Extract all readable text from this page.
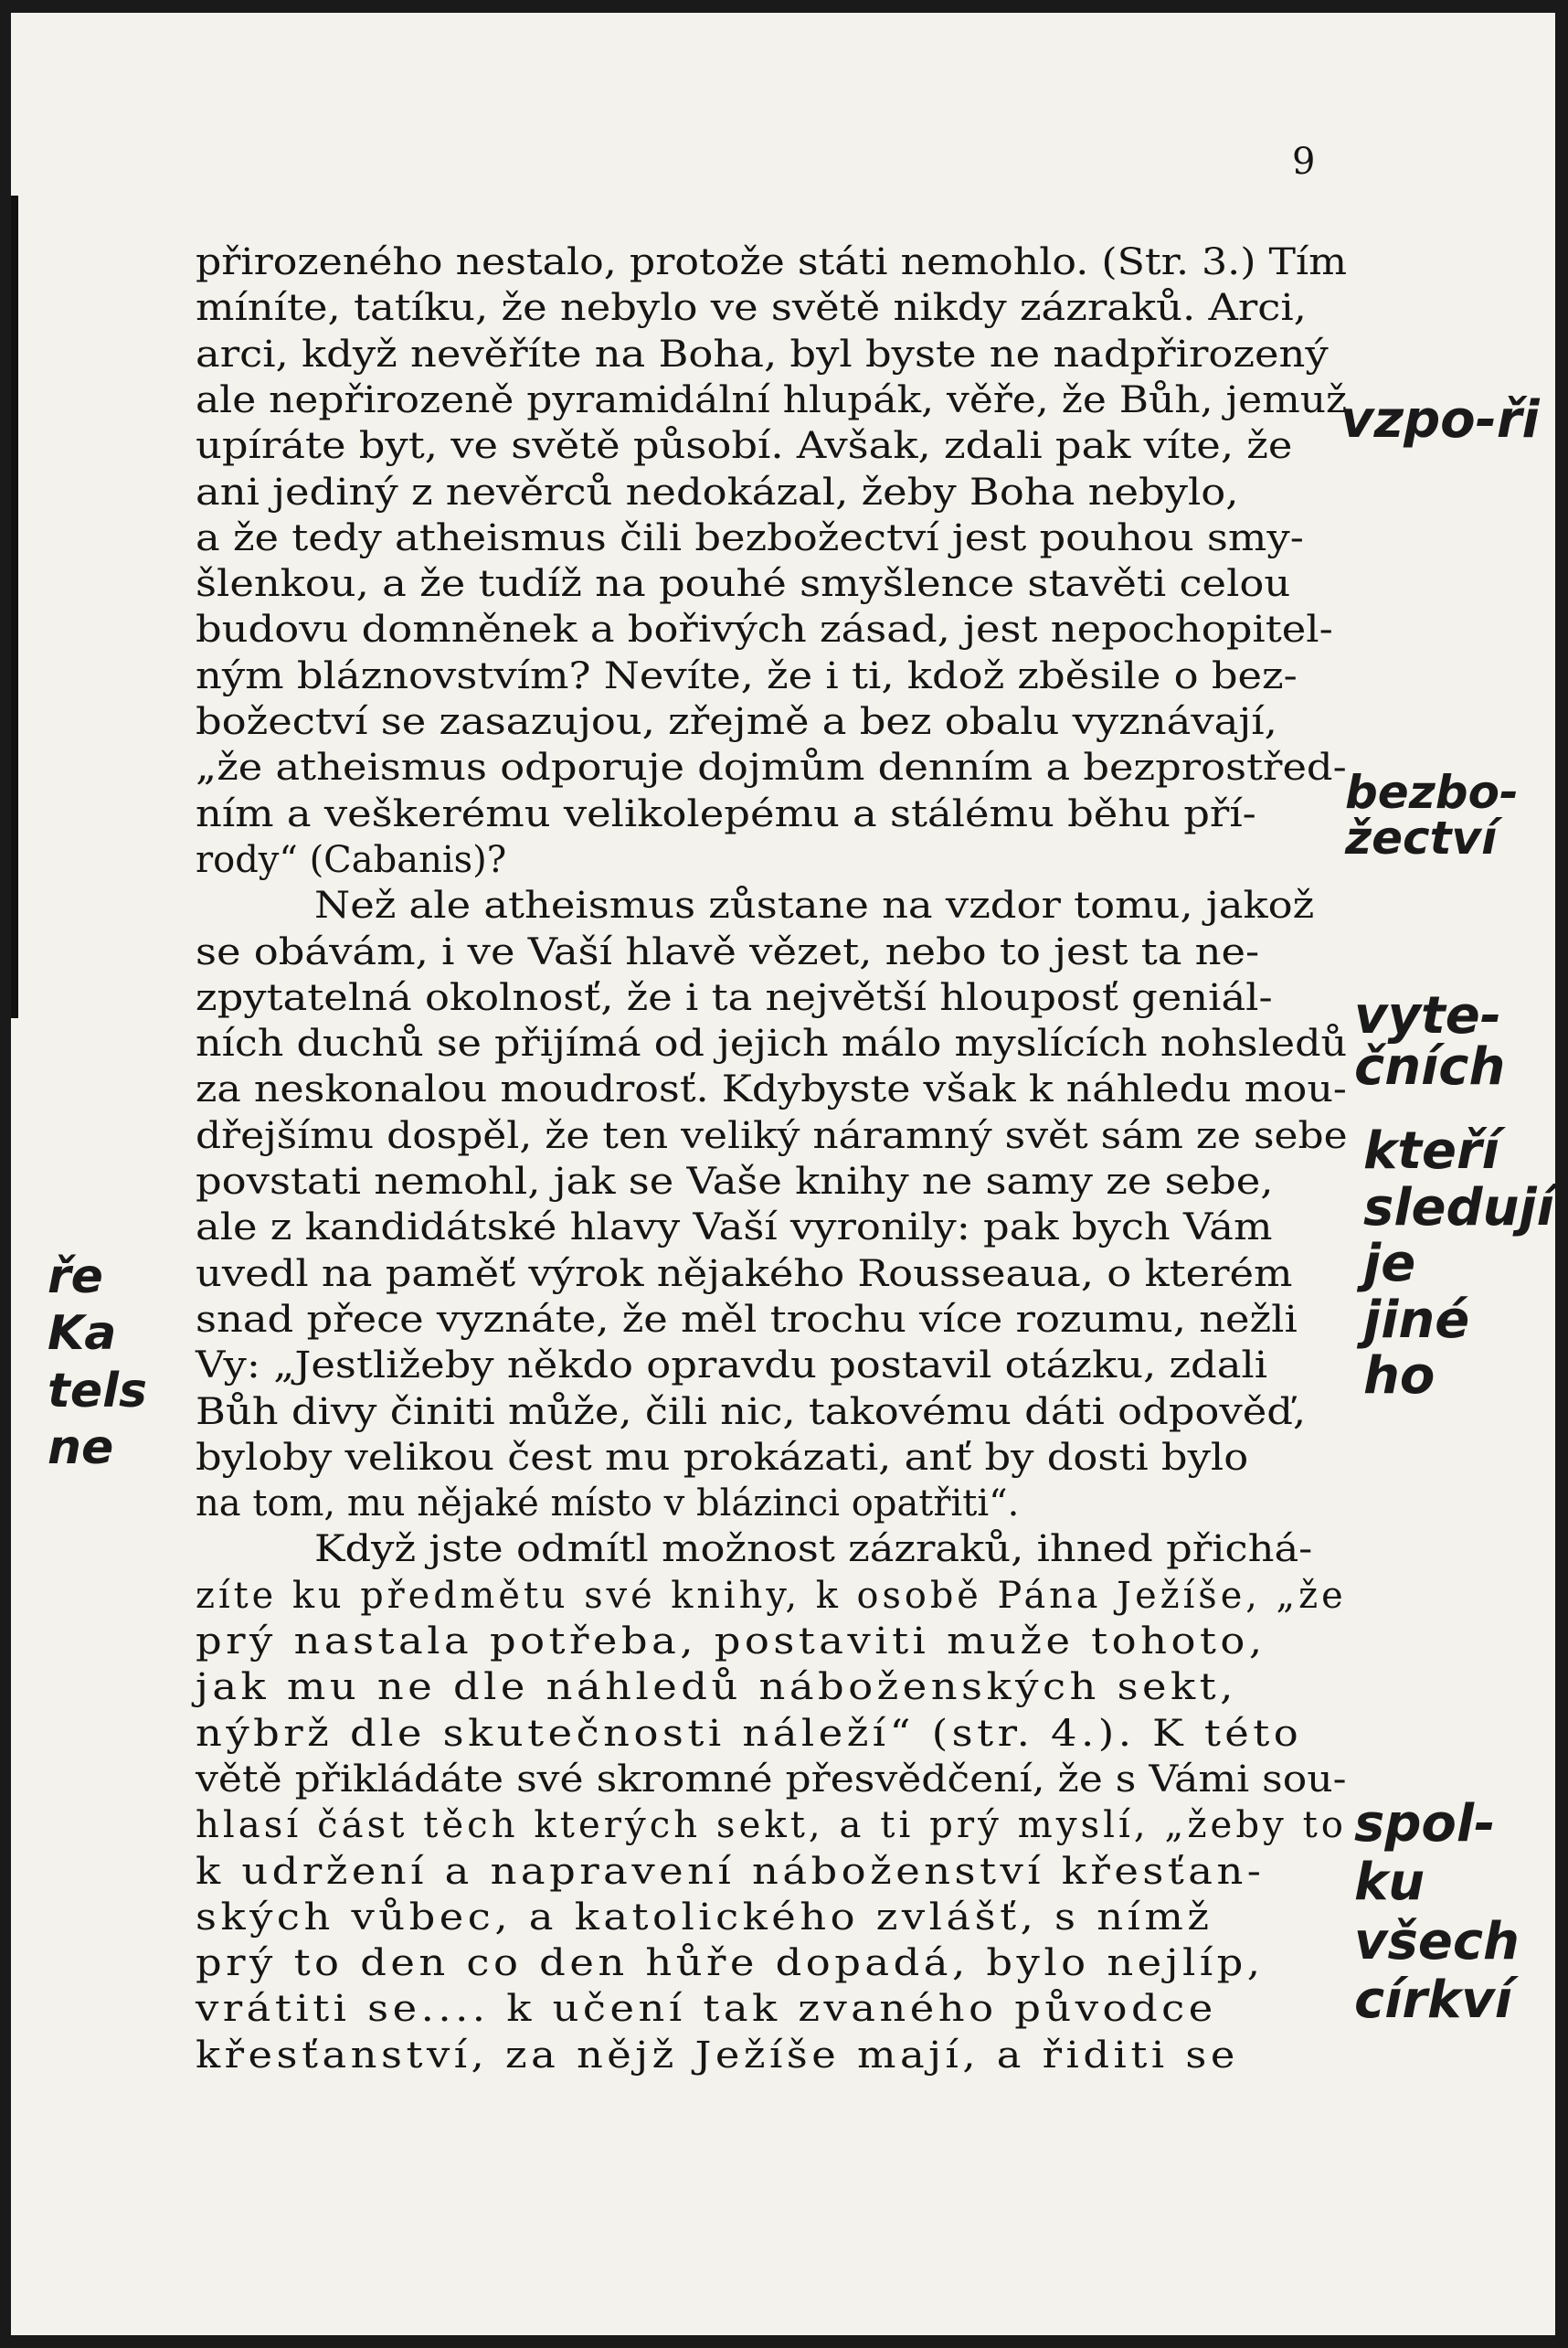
9
přirozeného nestalo, protože státi nemohlo. (Str. 3.) Tím
míníte, tatíku, že nebylo ve světě nikdy zázraků. Arci,
arci, když nevěříte na Boha, byl byste ne nadpřirozený
ale nepřirozeně pyramidální hlupák, věře, že Bůh, jemuž
upíráte byt, ve světě působí. Avšak, zdali pak víte, že
ani jediný z nevěrců nedokázal, žeby Boha nebylo,
a že tedy atheismus čili bezbožectví jest pouhou smy-
šlenkou, a že tudíž na pouhé smyšlence stavěti celou
budovu domněnek a bořivých zásad, jest nepochopitel-
ným bláznovstvím? Nevíte, že i ti, kdož zběsile o bez-
božectví se zasazujou, zřejmě a bez obalu vyznávají,
„že atheismus odporuje dojmům denním a bezprostřed-
ním a veškerému velikolepému a stálému běhu pří-
rody“ (Cabanis)?
Než ale atheismus zůstane na vzdor tomu, jakož
se obávám, i ve Vaší hlavě vězet, nebo to jest ta ne-
zpytatelná okolnosť, že i ta největší hlouposť geniál-
ních duchů se přijímá od jejich málo myslících nohsledů
za neskonalou moudrosť. Kdybyste však k náhledu mou-
dřejšímu dospěl, že ten veliký náramný svět sám ze sebe
povstati nemohl, jak se Vaše knihy ne samy ze sebe,
ale z kandidátské hlavy Vaší vyronily: pak bych Vám
uvedl na paměť výrok nějakého Rousseaua, o kterém
snad přece vyznáte, že měl trochu více rozumu, nežli
Vy: „Jestližeby někdo opravdu postavil otázku, zdali
Bůh divy činiti může, čili nic, takovému dáti odpověď,
byloby velikou čest mu prokázati, anť by dosti bylo
na tom, mu nějaké místo v blázinci opatřiti“.
Když jste odmítl možnost zázraků, ihned přichá-
zíte ku předmětu své knihy, k osobě Pána Ježíše, „že
prý nastala potřeba, postaviti muže tohoto,
jak mu ne dle náhledů náboženských sekt,
nýbrž dle skutečnosti náleží“ (str. 4.). K této
větě přikládáte své skromné přesvědčení, že s Vámi sou-
hlasí část těch kterých sekt, a ti prý myslí, „žeby to
k udržení a napravení náboženství křesťan-
ských vůbec, a katolického zvlášť, s nímž
prý to den co den hůře dopadá, bylo nejlíp,
vrátiti se.... k učení tak zvaného původce
křesťanství, za nějž Ježíše mají, a řiditi se
vzpo-ři
bezbo-žectví
vyte-čních
kteří sledují je jiné ho
ře Ka tels ne
spol-ku všech církví
